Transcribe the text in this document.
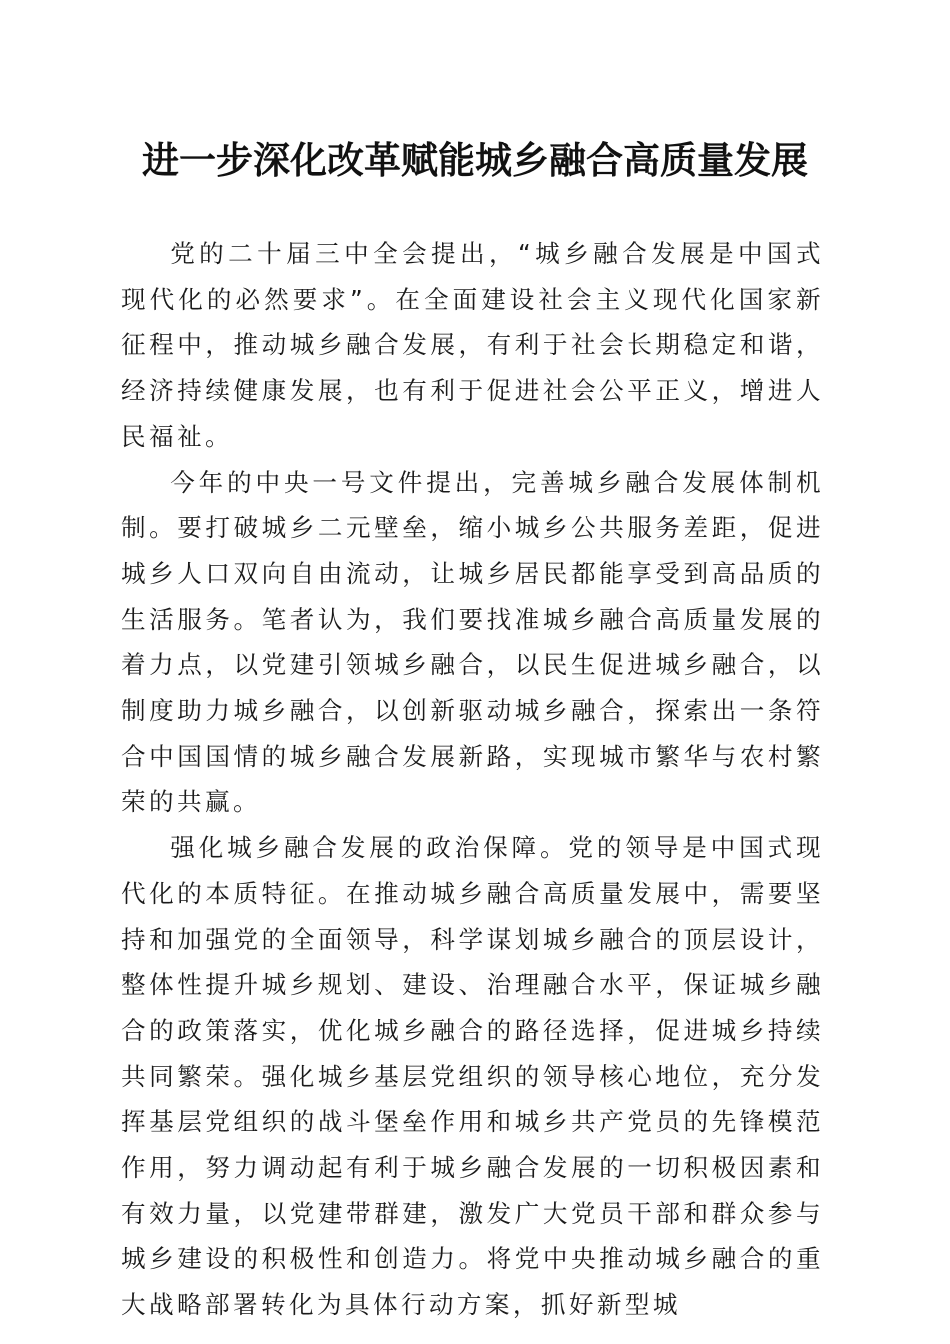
进一步深化改革赋能城乡融合高质量发展

党的二十届三中全会提出，“城乡融合发展是中国式现代化的必然要求”。在全面建设社会主义现代化国家新征程中，推动城乡融合发展，有利于社会长期稳定和谐，经济持续健康发展，也有利于促进社会公平正义，增进人民福祉。

今年的中央一号文件提出，完善城乡融合发展体制机制。要打破城乡二元壁垒，缩小城乡公共服务差距，促进城乡人口双向自由流动，让城乡居民都能享受到高品质的生活服务。笔者认为，我们要找准城乡融合高质量发展的着力点，以党建引领城乡融合，以民生促进城乡融合，以制度助力城乡融合，以创新驱动城乡融合，探索出一条符合中国国情的城乡融合发展新路，实现城市繁华与农村繁荣的共赢。

强化城乡融合发展的政治保障。党的领导是中国式现代化的本质特征。在推动城乡融合高质量发展中，需要坚持和加强党的全面领导，科学谋划城乡融合的顶层设计，整体性提升城乡规划、建设、治理融合水平，保证城乡融合的政策落实，优化城乡融合的路径选择，促进城乡持续共同繁荣。强化城乡基层党组织的领导核心地位，充分发挥基层党组织的战斗堡垒作用和城乡共产党员的先锋模范作用，努力调动起有利于城乡融合发展的一切积极因素和有效力量，以党建带群建，激发广大党员干部和群众参与城乡建设的积极性和创造力。将党中央推动城乡融合的重大战略部署转化为具体行动方案，抓好新型城
